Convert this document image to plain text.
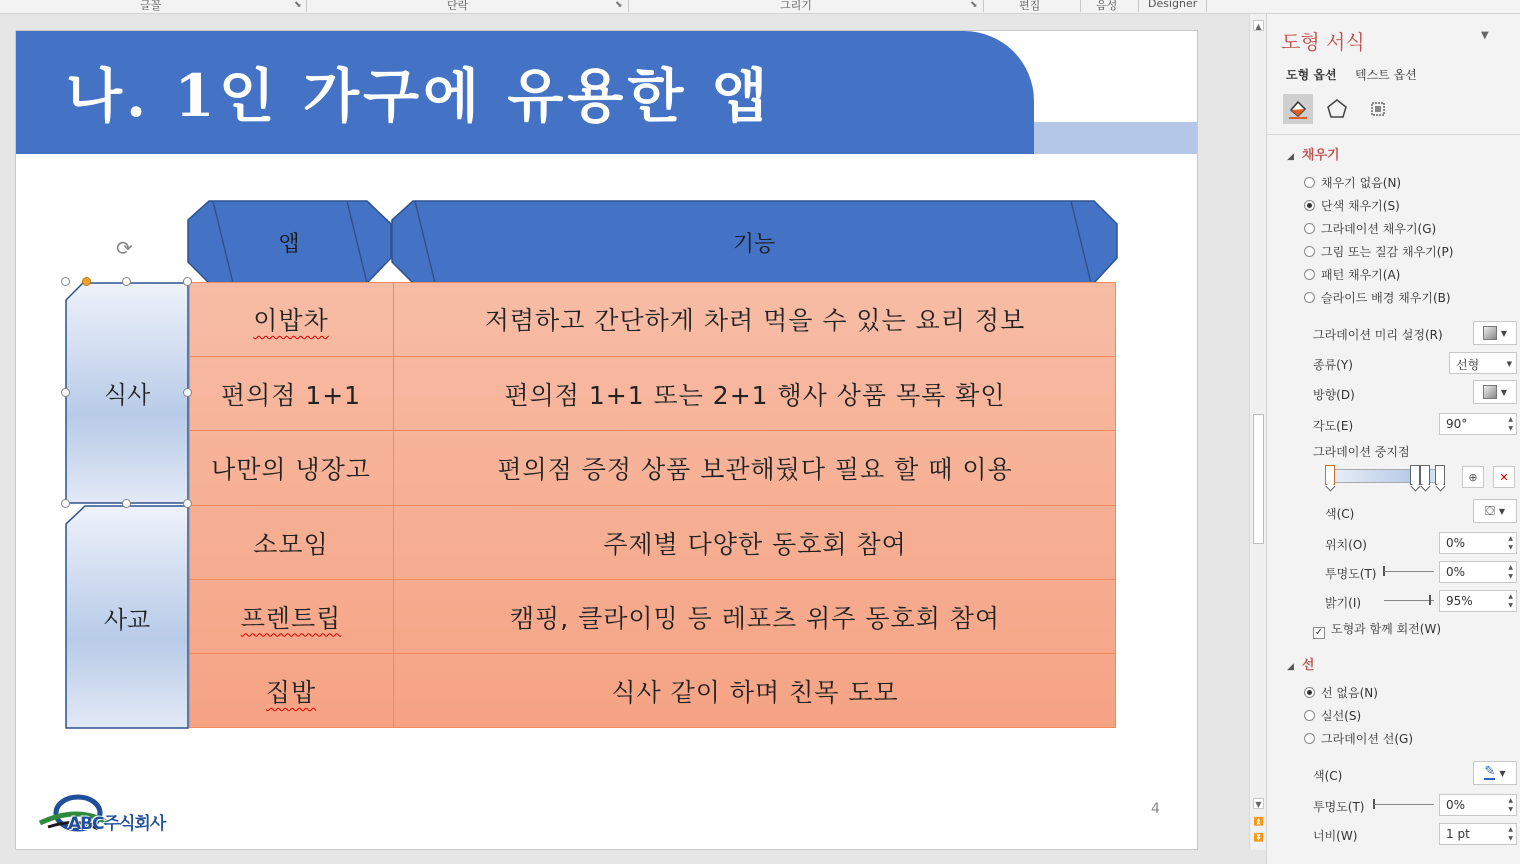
글꼴	⬊	단락	⬊	그리기	⬊	편집	음성	Designer
나. 1인 가구에 유용한 앱
앱	기능
이밥차	저렴하고 간단하게 차려 먹을 수 있는 요리 정보
편의점 1+1	편의점 1+1 또는 2+1 행사 상품 목록 확인
나만의 냉장고	편의점 증정 상품 보관해뒀다 필요 할 때 이용
소모임	주제별 다양한 동호회 참여
프렌트립	캠핑, 클라이밍 등 레포츠 위주 동호회 참여
집밥	식사 같이 하며 친목 도모
식사
사교
⟳
ABC주식회사
4
▲
▼
⏫
⏬
도형 서식	▼
도형 옵션 텍스트 옵션
◢ 채우기
채우기 없음(N)
단색 채우기(S)
그라데이션 채우기(G)
그림 또는 질감 채우기(P)
패턴 채우기(A)
슬라이드 배경 채우기(B)
그라데이션 미리 설정(R)	▼
종류(Y)	선형	▼
방향(D)	▼
각도(E)	90°	▲
▼
그라데이션 중지점
⊕	✕
색(C)	⛋ ▼
위치(O)	0%	▲
▼
투명도(T)	0%	▲
▼
밝기(I)	95%	▲
▼
✓ 도형과 함께 회전(W)
◢ 선
선 없음(N)
실선(S)
그라데이션 선(G)
색(C)	✎ ▼
투명도(T)	0%	▲
▼
너비(W)	1 pt	▲
▼
